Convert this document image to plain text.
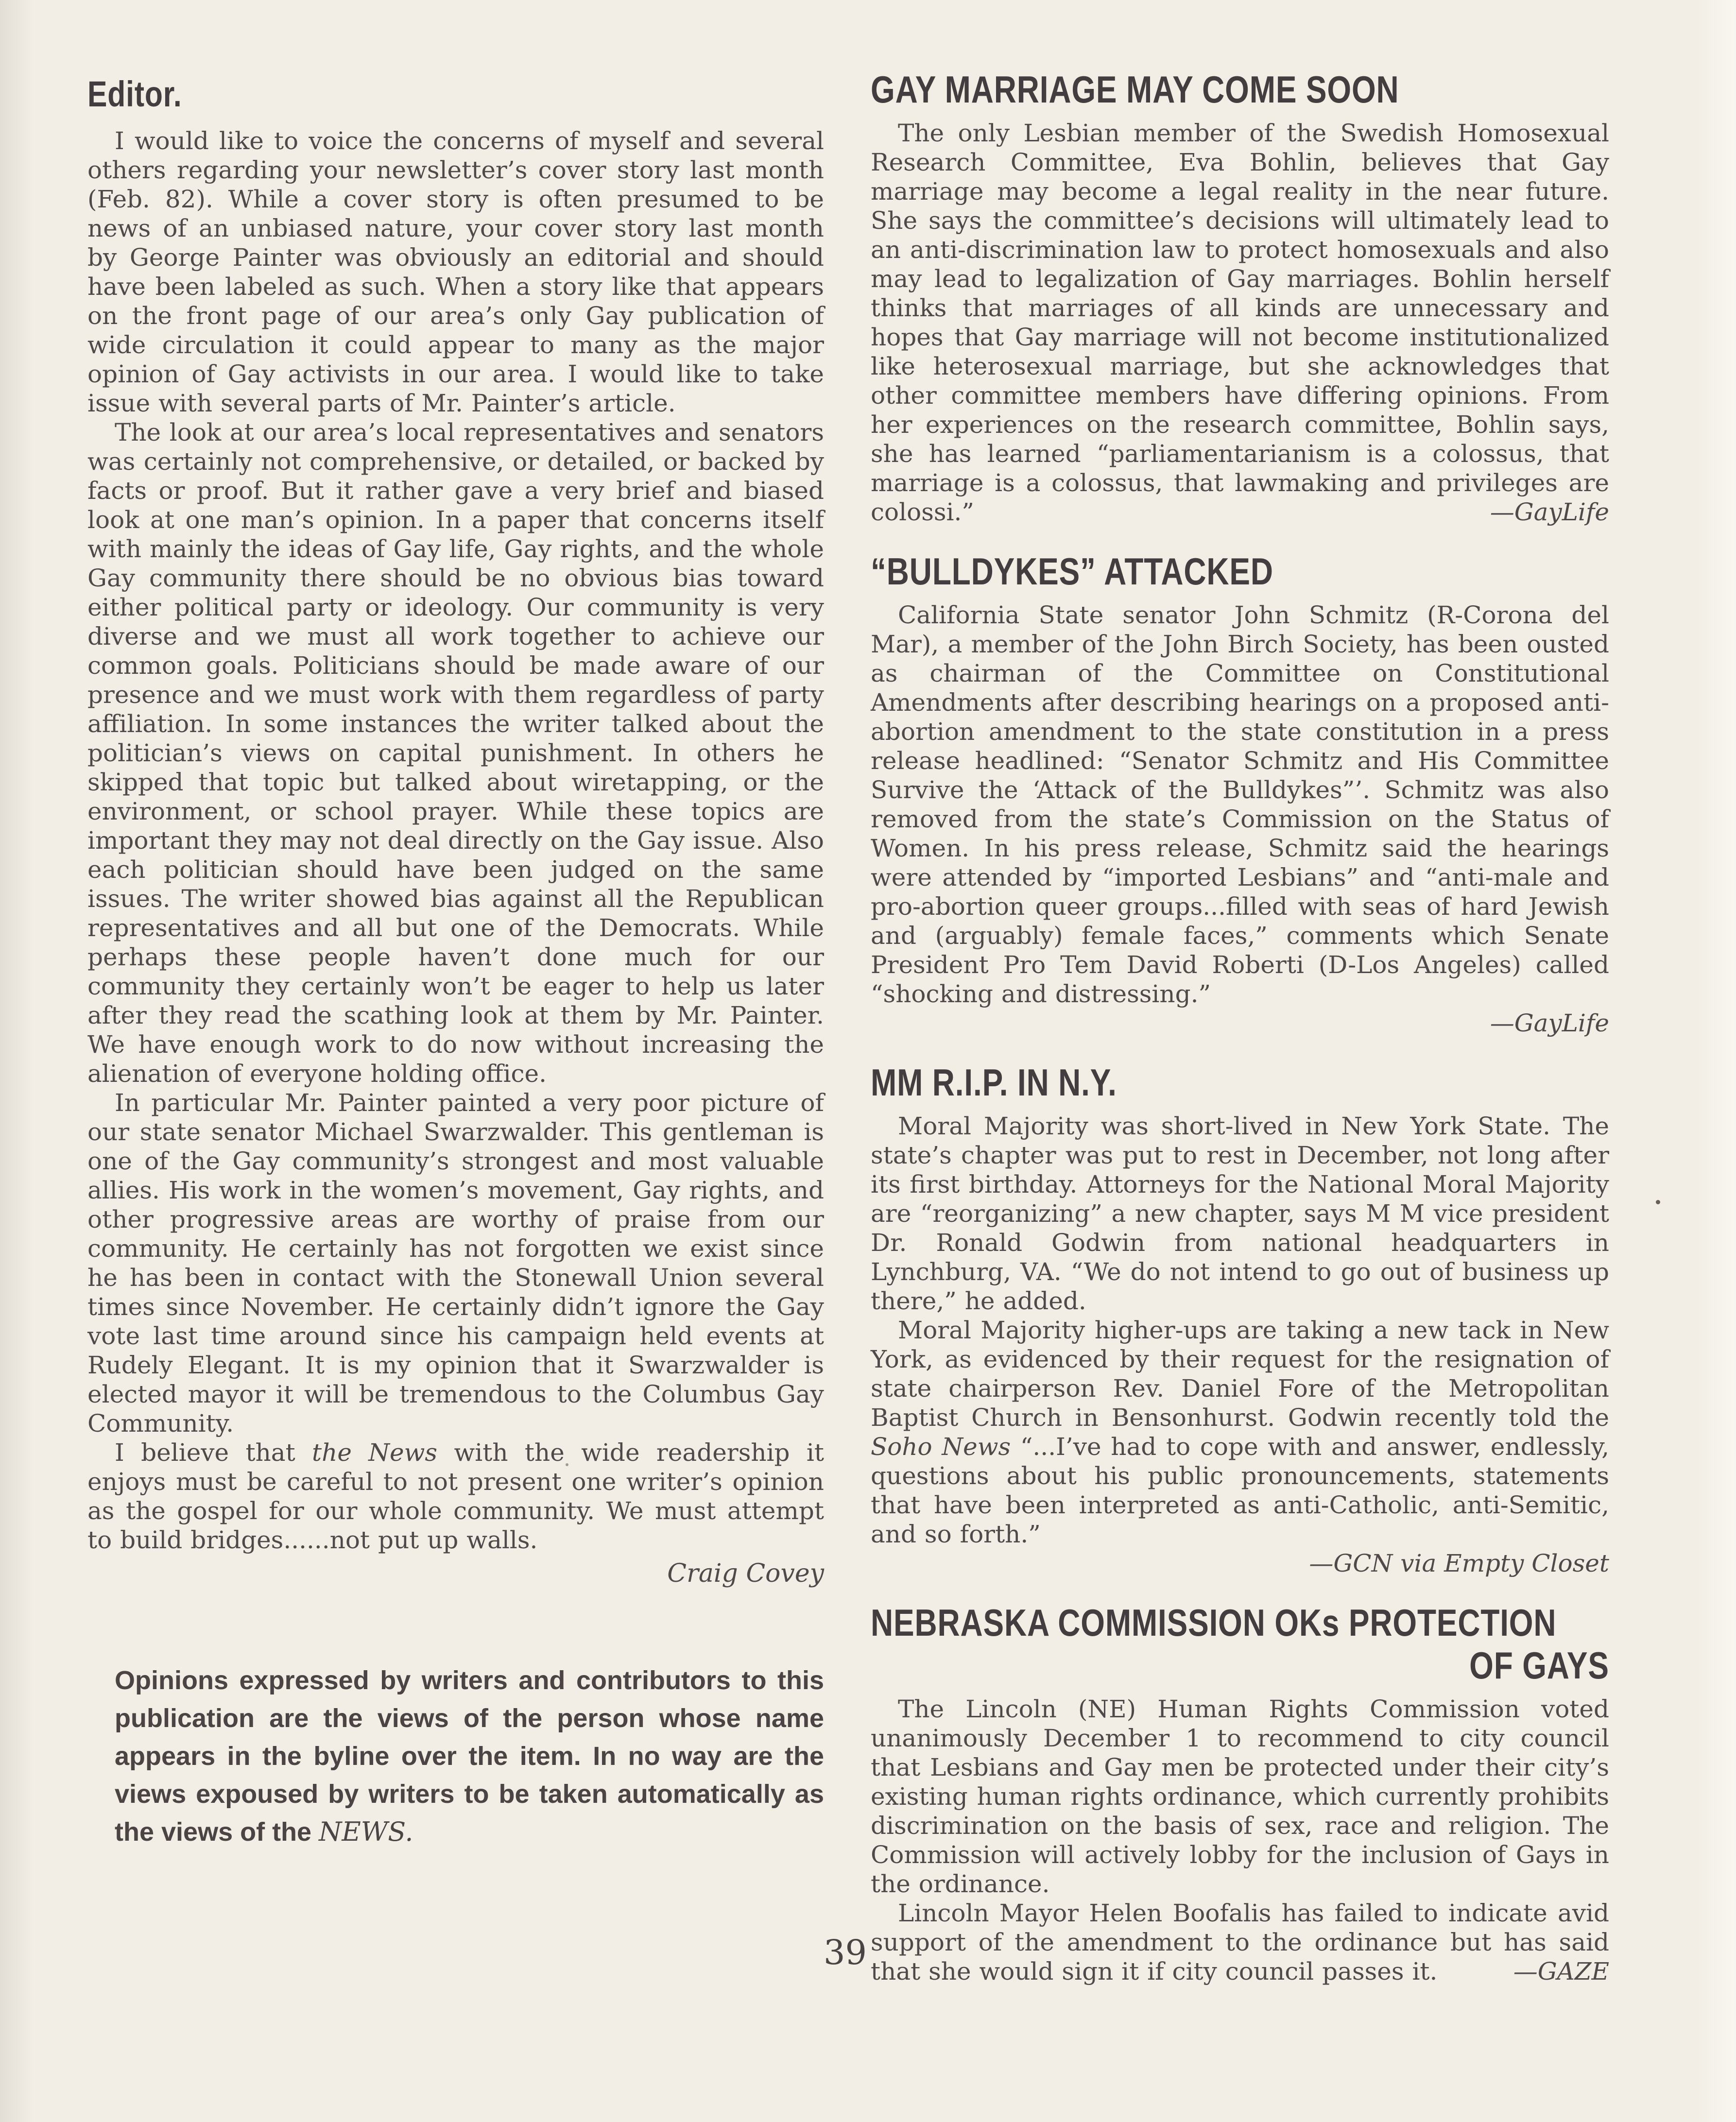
Editor.

I would like to voice the concerns of myself and several others regarding your newsletter’s cover story last month (Feb. 82). While a cover story is often presumed to be news of an unbiased nature, your cover story last month by George Painter was obviously an editorial and should have been labeled as such. When a story like that appears on the front page of our area’s only Gay publication of wide circulation it could appear to many as the major opinion of Gay activists in our area. I would like to take issue with several parts of Mr. Painter’s article.

The look at our area’s local representatives and senators was certainly not comprehensive, or detailed, or backed by facts or proof. But it rather gave a very brief and biased look at one man’s opinion. In a paper that concerns itself with mainly the ideas of Gay life, Gay rights, and the whole Gay community there should be no obvious bias toward either political party or ideology. Our community is very diverse and we must all work together to achieve our common goals. Politicians should be made aware of our presence and we must work with them regardless of party affiliation. In some instances the writer talked about the politician’s views on capital punishment. In others he skipped that topic but talked about wiretapping, or the environment, or school prayer. While these topics are important they may not deal directly on the Gay issue. Also each politician should have been judged on the same issues. The writer showed bias against all the Republican representatives and all but one of the Democrats. While perhaps these people haven’t done much for our community they certainly won’t be eager to help us later after they read the scathing look at them by Mr. Painter. We have enough work to do now without increasing the alienation of everyone holding office.

In particular Mr. Painter painted a very poor picture of our state senator Michael Swarzwalder. This gentleman is one of the Gay community’s strongest and most valuable allies. His work in the women’s movement, Gay rights, and other progressive areas are worthy of praise from our community. He certainly has not forgotten we exist since he has been in contact with the Stonewall Union several times since November. He certainly didn’t ignore the Gay vote last time around since his campaign held events at Rudely Elegant. It is my opinion that it Swarzwalder is elected mayor it will be tremendous to the Columbus Gay Community.

I believe that the News with the wide readership it enjoys must be careful to not present one writer’s opinion as the gospel for our whole community. We must attempt to build bridges......not put up walls.

Craig Covey

Opinions expressed by writers and contributors to this publication are the views of the person whose name appears in the byline over the item. In no way are the views expoused by writers to be taken automatically as the views of the NEWS.

39
GAY MARRIAGE MAY COME SOON

The only Lesbian member of the Swedish Homosexual Research Committee, Eva Bohlin, believes that Gay marriage may become a legal reality in the near future. She says the committee’s decisions will ultimately lead to an anti-discrimination law to protect homosexuals and also may lead to legalization of Gay marriages. Bohlin herself thinks that marriages of all kinds are unnecessary and hopes that Gay marriage will not become institutionalized like heterosexual marriage, but she acknowledges that other committee members have differing opinions. From her experiences on the research committee, Bohlin says, she has learned “parliamentarianism is a colossus, that marriage is a colossus, that lawmaking and privileges are colossi.”	—GayLife

“BULLDYKES” ATTACKED

California State senator John Schmitz (R-Corona del Mar), a member of the John Birch Society, has been ousted as chairman of the Committee on Constitutional Amendments after describing hearings on a proposed anti-abortion amendment to the state constitution in a press release headlined: “Senator Schmitz and His Committee Survive the ‘Attack of the Bulldykes”’. Schmitz was also removed from the state’s Commission on the Status of Women. In his press release, Schmitz said the hearings were attended by “imported Lesbians” and “anti-male and pro-abortion queer groups...filled with seas of hard Jewish and (arguably) female faces,” comments which Senate President Pro Tem David Roberti (D-Los Angeles) called “shocking and distressing.”

—GayLife
MM R.I.P. IN N.Y.

Moral Majority was short-lived in New York State. The state’s chapter was put to rest in December, not long after its first birthday. Attorneys for the National Moral Majority are “reorganizing” a new chapter, says M M vice president Dr. Ronald Godwin from national headquarters in Lynchburg, VA. “We do not intend to go out of business up there,” he added.

Moral Majority higher-ups are taking a new tack in New York, as evidenced by their request for the resignation of state chairperson Rev. Daniel Fore of the Metropolitan Baptist Church in Bensonhurst. Godwin recently told the Soho News “...I’ve had to cope with and answer, endlessly, questions about his public pronouncements, statements that have been interpreted as anti-Catholic, anti-Semitic, and so forth.”

—GCN via Empty Closet
NEBRASKA COMMISSION OKs PROTECTION
OF GAYS

The Lincoln (NE) Human Rights Commission voted unanimously December 1 to recommend to city council that Lesbians and Gay men be protected under their city’s existing human rights ordinance, which currently prohibits discrimination on the basis of sex, race and religion. The Commission will actively lobby for the inclusion of Gays in the ordinance.

Lincoln Mayor Helen Boofalis has failed to indicate avid support of the amendment to the ordinance but has said that she would sign it if city council passes it.	—GAZE
